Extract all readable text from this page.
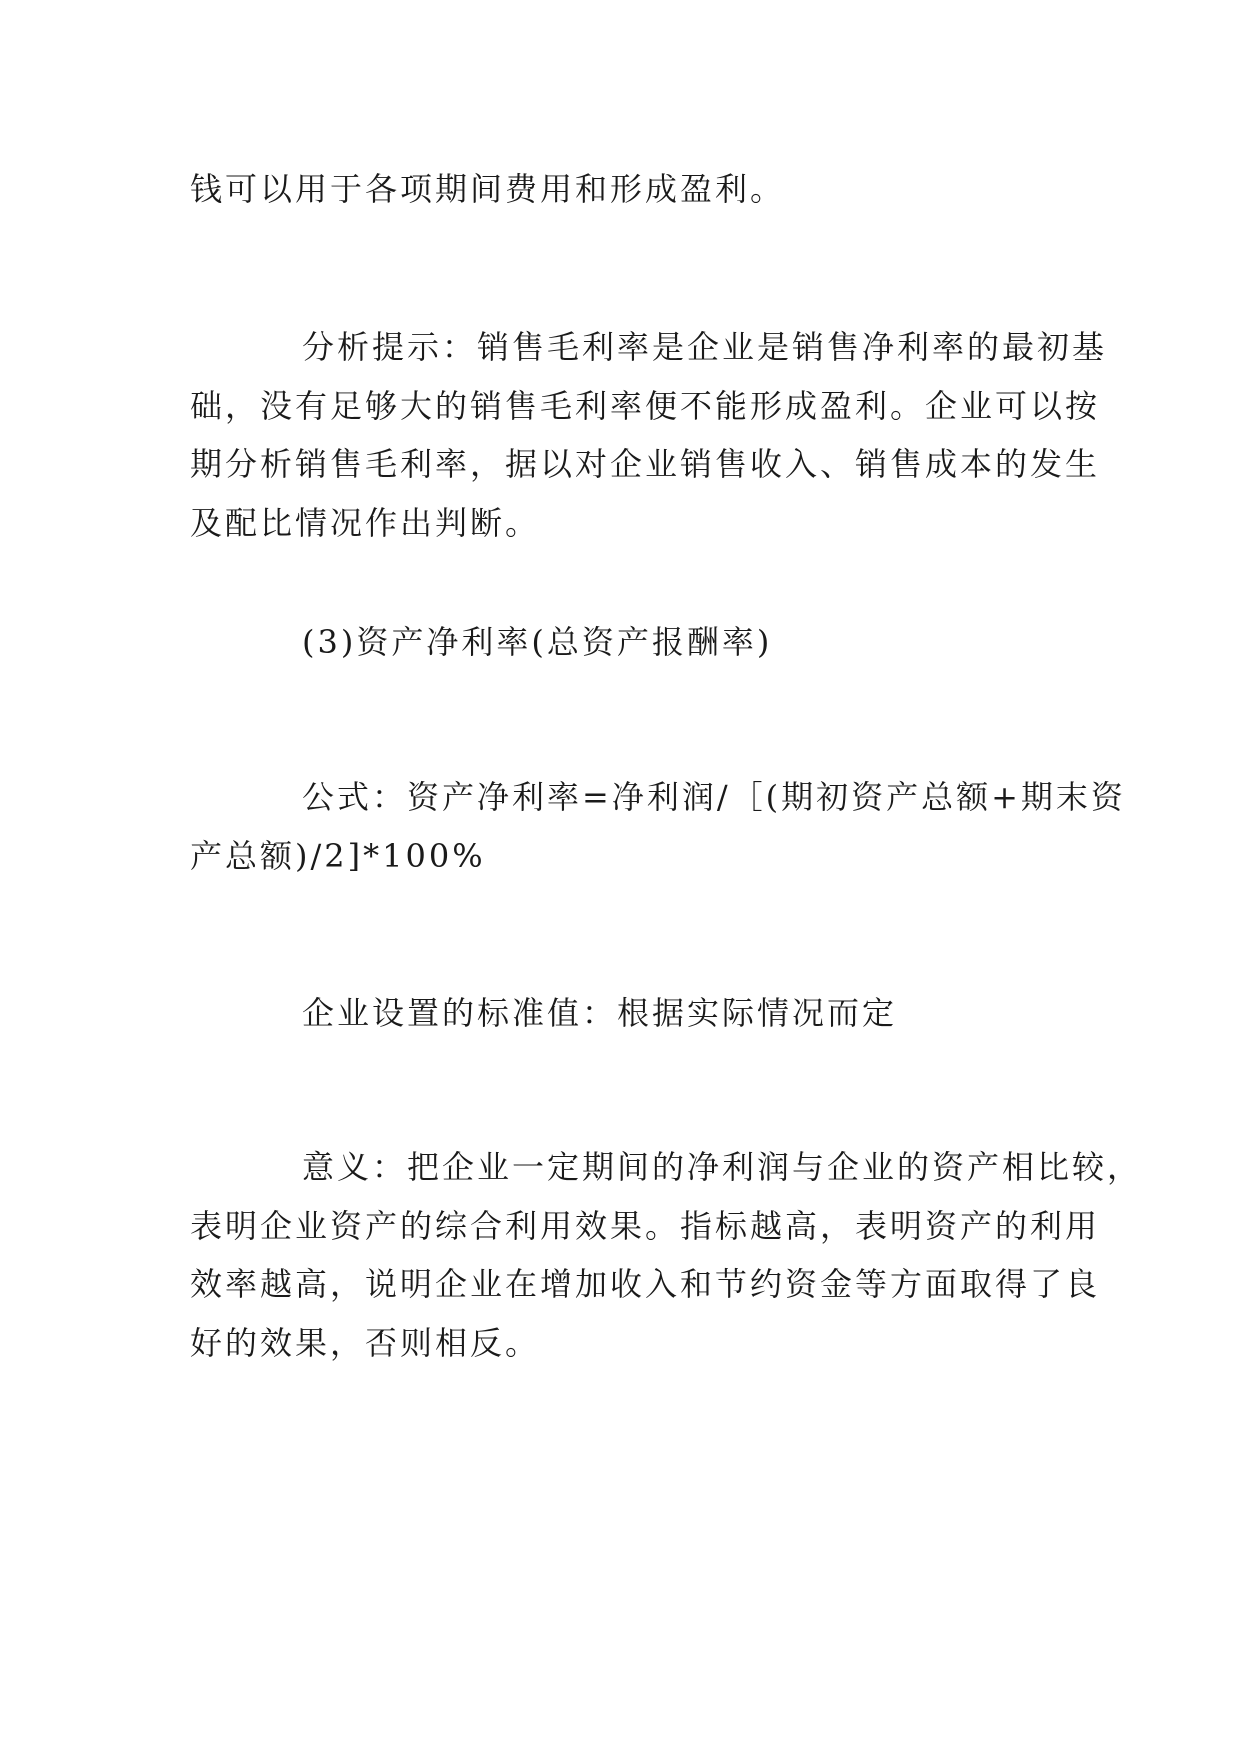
钱可以用于各项期间费用和形成盈利。

分析提示：销售毛利率是企业是销售净利率的最初基
础，没有足够大的销售毛利率便不能形成盈利。企业可以按
期分析销售毛利率，据以对企业销售收入、销售成本的发生
及配比情况作出判断。

(3)资产净利率(总资产报酬率)

公式：资产净利率=净利润/［(期初资产总额+期末资
产总额)/2]*100%

企业设置的标准值：根据实际情况而定

意义：把企业一定期间的净利润与企业的资产相比较，
表明企业资产的综合利用效果。指标越高，表明资产的利用
效率越高，说明企业在增加收入和节约资金等方面取得了良
好的效果，否则相反。
